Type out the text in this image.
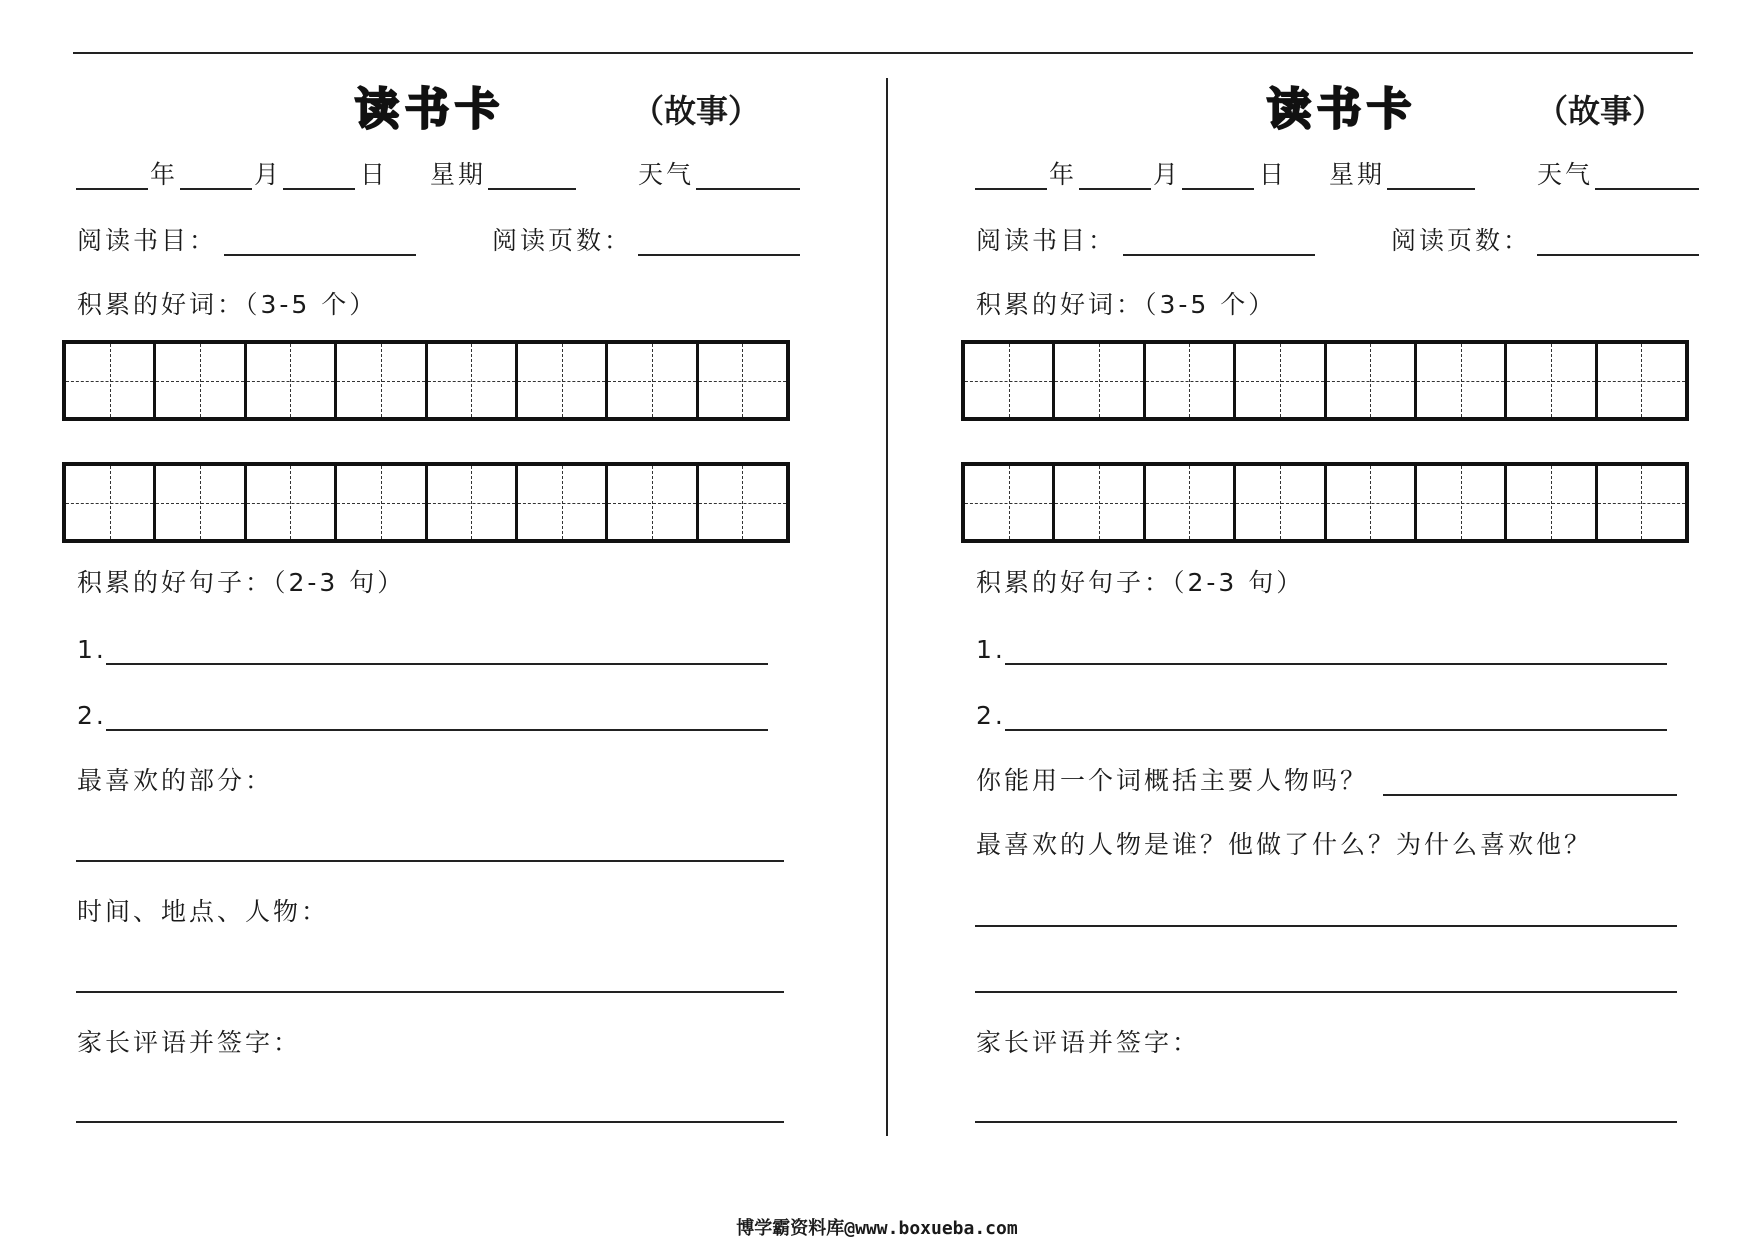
读书卡	（故事）
年	月	日 星期	天气
阅读书目：	阅读页数：
积累的好词：（3-5 个）
积累的好句子：（2-3 句）
1.
2.
最喜欢的部分：
时间、地点、人物：
家长评语并签字：
读书卡	（故事）
年	月	日 星期	天气
阅读书目：	阅读页数：
积累的好词：（3-5 个）
积累的好句子：（2-3 句）
1.
2.
你能用一个词概括主要人物吗？
最喜欢的人物是谁？他做了什么？为什么喜欢他？
家长评语并签字：
博学霸资料库@www.boxueba.com
